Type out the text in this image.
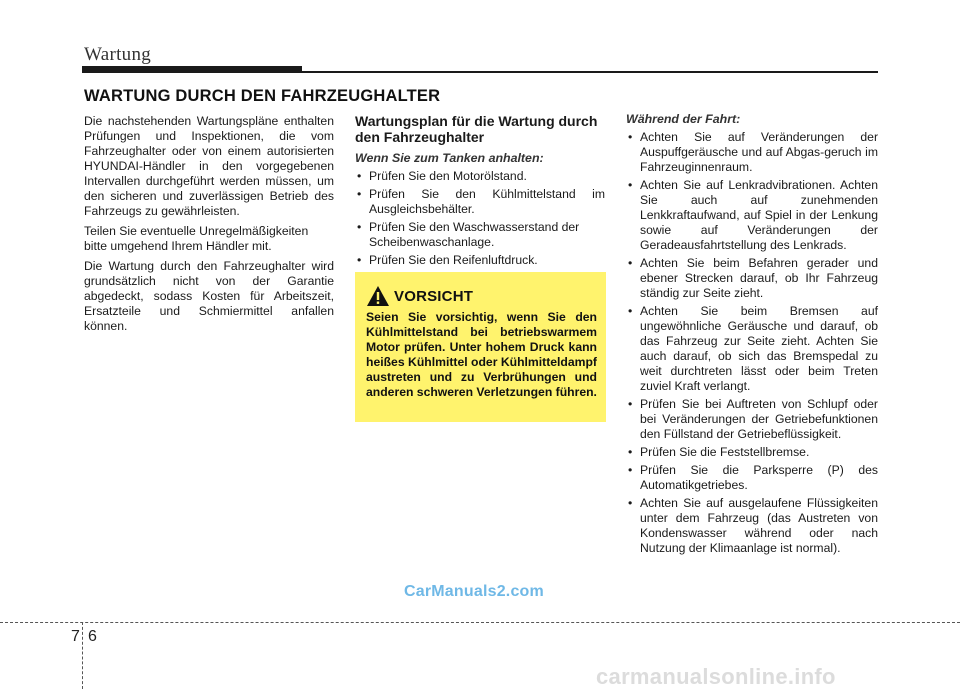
Wartung
WARTUNG DURCH DEN FAHRZEUGHALTER

Die nachstehenden Wartungspläne enthalten Prüfungen und Inspektionen, die vom Fahrzeughalter oder von einem autorisierten HYUNDAI-Händler in den vorgegebenen Intervallen durchgeführt werden müssen, um den sicheren und zuverlässigen Betrieb des Fahrzeugs zu gewährleisten.

Teilen Sie eventuelle Unregelmäßigkeiten bitte umgehend Ihrem Händler mit.

Die Wartung durch den Fahrzeughalter wird grundsätzlich nicht von der Garantie abgedeckt, sodass Kosten für Arbeitszeit, Ersatzteile und Schmiermittel anfallen können.

Wartungsplan für die Wartung durch den Fahrzeughalter
Wenn Sie zum Tanken anhalten:
• Prüfen Sie den Motorölstand.
• Prüfen Sie den Kühlmittelstand im Ausgleichsbehälter.
• Prüfen Sie den Waschwasserstand der Scheibenwaschanlage.
• Prüfen Sie den Reifenluftdruck.
VORSICHT
Seien Sie vorsichtig, wenn Sie den Kühlmittelstand bei betriebswarmem Motor prüfen. Unter hohem Druck kann heißes Kühlmittel oder Kühlmitteldampf austreten und zu Verbrühungen und anderen schweren Verletzungen führen.
Während der Fahrt:
• Achten Sie auf Veränderungen der Auspuffgeräusche und auf Abgas-geruch im Fahrzeuginnenraum.
• Achten Sie auf Lenkradvibrationen. Achten Sie auch auf zunehmenden Lenkkraftaufwand, auf Spiel in der Lenkung sowie auf Veränderungen der Geradeausfahrtstellung des Lenkrads.
• Achten Sie beim Befahren gerader und ebener Strecken darauf, ob Ihr Fahrzeug ständig zur Seite zieht.
• Achten Sie beim Bremsen auf ungewöhnliche Geräusche und darauf, ob das Fahrzeug zur Seite zieht. Achten Sie auch darauf, ob sich das Bremspedal zu weit durchtreten lässt oder beim Treten zuviel Kraft verlangt.
• Prüfen Sie bei Auftreten von Schlupf oder bei Veränderungen der Getriebefunktionen den Füllstand der Getriebeflüssigkeit.
• Prüfen Sie die Feststellbremse.
• Prüfen Sie die Parksperre (P) des Automatikgetriebes.
• Achten Sie auf ausgelaufene Flüssigkeiten unter dem Fahrzeug (das Austreten von Kondenswasser während oder nach Nutzung der Klimaanlage ist normal).
CarManuals2.com
7 6
carmanualsonline.info
